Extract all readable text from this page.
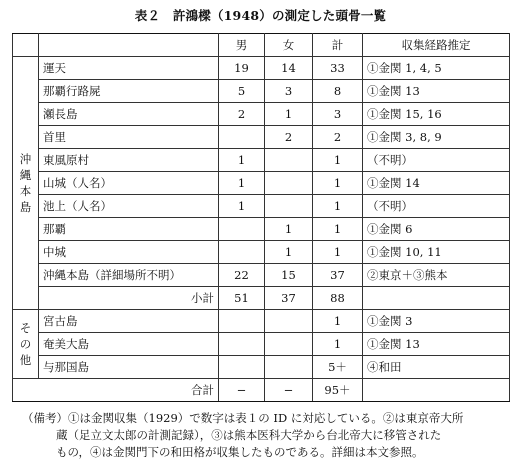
表２　許鴻樑（1948）の測定した頭骨一覧
		男	女	計	収集経路推定

沖
縄
本
島	運天	19	14	33	①金関 1, 4, 5
	那覇行路屍	5	3	8	①金関 13
	瀬長島	2	1	3	①金関 15, 16
	首里		2	2	①金関 3, 8, 9
	東風原村	1		1	（不明）
	山城（人名）	1		1	①金関 14
	池上（人名）	1		1	（不明）
	那覇		1	1	①金関 6
	中城		1	1	①金関 10, 11
	沖縄本島（詳細場所不明）	22	15	37	②東京＋③熊本
	小計	51	37	88	

そ
の
他	宮古島			1	①金関 3
	奄美大島			1	①金関 13
	与那国島			5＋	④和田
合計		−	−	95＋	
（備考）①は金関収集（1929）で数字は表１の ID に対応している。②は東京帝大所
蔵（足立文太郎の計測記録），③は熊本医科大学から台北帝大に移管された
もの，④は金関門下の和田格が収集したものである。詳細は本文参照。
